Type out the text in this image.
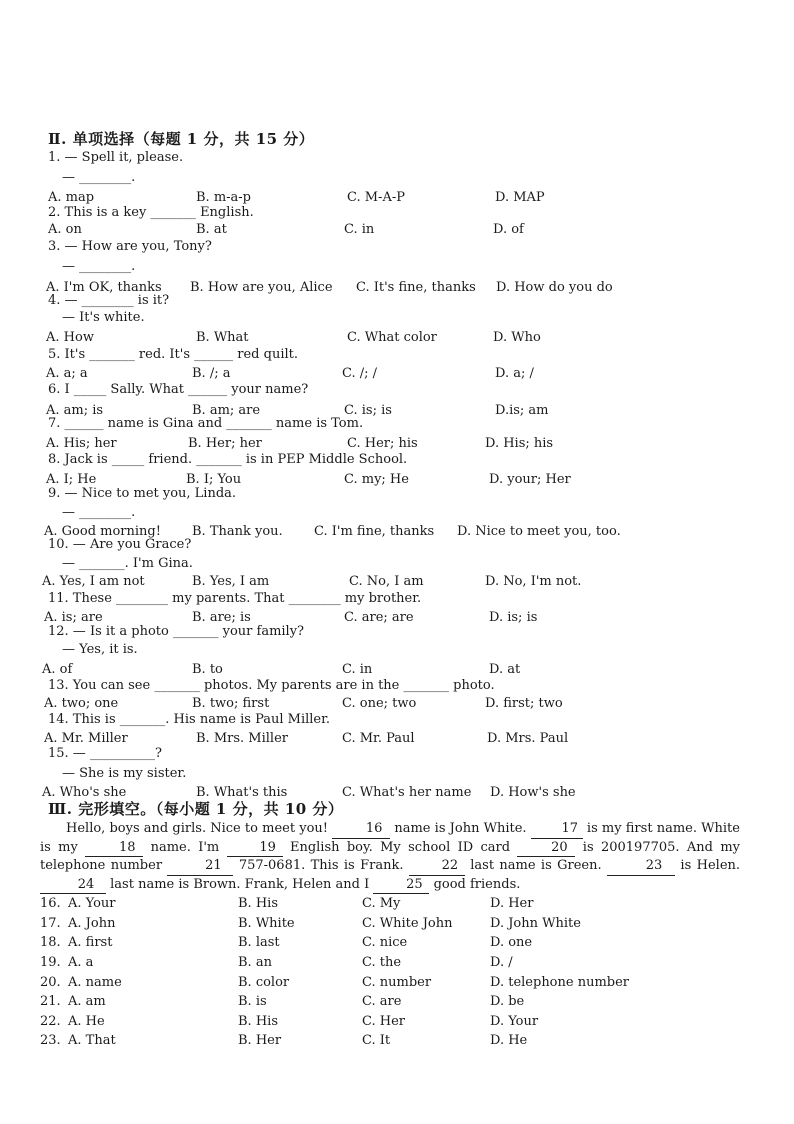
Ⅱ. 单项选择（每题 1 分，共 15 分）
1. — Spell it, please.
— ________.
A. map	B. m-a-p	C. M-A-P	D. MAP
2. This is a key _______ English.
A. on	B. at	C. in	D. of
3. — How are you, Tony?
— ________.
A. I'm OK, thanks B. How are you, Alice C. It's fine, thanks D. How do you do
4. — ________ is it?
— It's white.
A. How	B. What	C. What color	D. Who
5. It's _______ red. It's ______ red quilt.
A. a; a	B. /; a	C. /; /	D. a; /
6. I _____ Sally. What ______ your name?
A. am; is	B. am; are	C. is; is	D.is; am
7. ______ name is Gina and _______ name is Tom.
A. His; her	B. Her; her	C. Her; his	D. His; his
8. Jack is _____ friend. _______ is in PEP Middle School.
A. I; He	B. I; You	C. my; He	D. your; Her
9. — Nice to met you, Linda.
— ________.
A. Good morning! B. Thank you. C. I'm fine, thanks D. Nice to meet you, too.
10. — Are you Grace?
— _______. I'm Gina.
A. Yes, I am not	B. Yes, I am	C. No, I am	D. No, I'm not.
11. These ________ my parents. That ________ my brother.
A. is; are	B. are; is	C. are; are	D. is; is
12. — Is it a photo _______ your family?
— Yes, it is.
A. of	B. to	C. in	D. at
13. You can see _______ photos. My parents are in the _______ photo.
A. two; one	B. two; first	C. one; two	D. first; two
14. This is _______. His name is Paul Miller.
A. Mr. Miller	B. Mrs. Miller	C. Mr. Paul	D. Mrs. Paul
15. — __________?
— She is my sister.
A. Who's she	B. What's this	C. What's her name D. How's she
Ⅲ. 完形填空。（每小题 1 分，共 10 分）
Hello, boys and girls. Nice to meet you!	16 name is John White.	17 is my first name. White is my	18 name. I'm	19 English boy. My school ID card	20 is 200197705. And my telephone number	21 757-0681. This is Frank.	22 last name is Green.	23 is Helen. 24 last name is Brown. Frank, Helen and I	25 good friends.
16. A. Your	B. His	C. My	D. Her
17. A. John	B. White	C. White John	D. John White
18. A. first	B. last	C. nice	D. one
19. A. a	B. an	C. the	D. /
20. A. name	B. color	C. number	D. telephone number
21. A. am	B. is	C. are	D. be
22. A. He	B. His	C. Her	D. Your
23. A. That	B. Her	C. It	D. He
